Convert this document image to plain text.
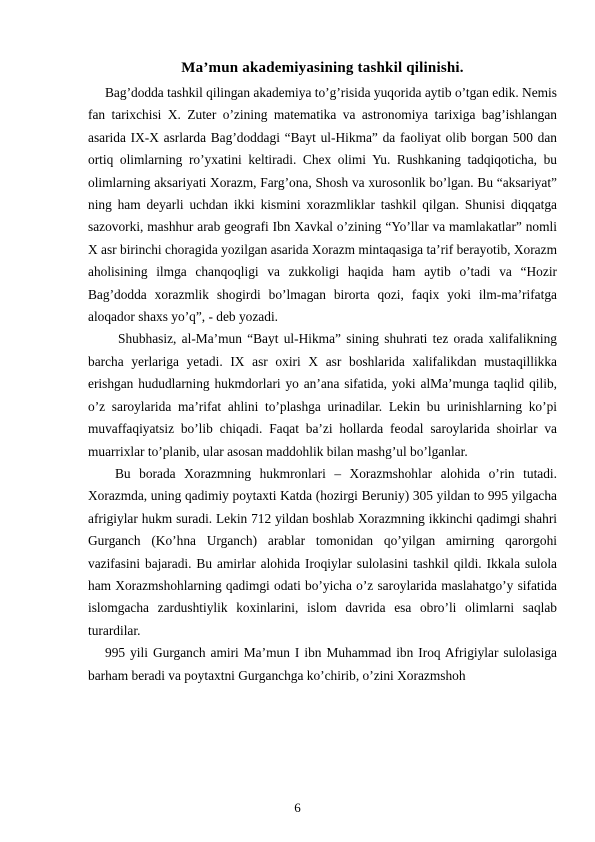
Ma’mun akademiyasining tashkil qilinishi.

Bag’dodda tashkil qilingan akademiya to’g’risida yuqorida aytib o’tgan edik. Nemis fan tarixchisi X. Zuter o’zining matematika va astronomiya tarixiga bag’ishlangan asarida IX-X asrlarda Bag’doddagi “Bayt ul-Hikma” da faoliyat olib borgan 500 dan ortiq olimlarning ro’yxatini keltiradi. Chex olimi Yu. Rushkaning tadqiqoticha, bu olimlarning aksariyati Xorazm, Farg’ona, Shosh va xurosonlik bo’lgan. Bu “aksariyat” ning ham deyarli uchdan ikki kismini xorazmliklar tashkil qilgan. Shunisi diqqatga sazovorki, mashhur arab geografi Ibn Xavkal o’zining “Yo’llar va mamlakatlar” nomli X asr birinchi choragida yozilgan asarida Xorazm mintaqasiga ta’rif berayotib, Xorazm aholisining ilmga chanqoqligi va zukkoligi haqida ham aytib o’tadi va “Hozir Bag’dodda xorazmlik shogirdi bo’lmagan birorta qozi, faqix yoki ilm-ma’rifatga aloqador shaxs yo’q”, - deb yozadi.

Shubhasiz, al-Ma’mun “Bayt ul-Hikma” sining shuhrati tez orada xalifalikning barcha yerlariga yetadi. IX asr oxiri X asr boshlarida xalifalikdan mustaqillikka erishgan hududlarning hukmdorlari yo an’ana sifatida, yoki alMa’munga taqlid qilib, o’z saroylarida ma’rifat ahlini to’plashga urinadilar. Lekin bu urinishlarning ko’pi muvaffaqiyatsiz bo’lib chiqadi. Faqat ba’zi hollarda feodal saroylarida shoirlar va muarrixlar to’planib, ular asosan maddohlik bilan mashg’ul bo’lganlar.

Bu borada Xorazmning hukmronlari – Xorazmshohlar alohida o’rin tutadi. Xorazmda, uning qadimiy poytaxti Katda (hozirgi Beruniy) 305 yildan to 995 yilgacha afrigiylar hukm suradi. Lekin 712 yildan boshlab Xorazmning ikkinchi qadimgi shahri Gurganch (Ko’hna Urganch) arablar tomonidan qo’yilgan amirning qarorgohi vazifasini bajaradi. Bu amirlar alohida Iroqiylar sulolasini tashkil qildi. Ikkala sulola ham Xorazmshohlarning qadimgi odati bo’yicha o’z saroylarida maslahatgo’y sifatida islomgacha zardushtiylik koxinlarini, islom davrida esa obro’li olimlarni saqlab turardilar.

995 yili Gurganch amiri Ma’mun I ibn Muhammad ibn Iroq Afrigiylar sulolasiga barham beradi va poytaxtni Gurganchga ko’chirib, o’zini Xorazmshoh

6
